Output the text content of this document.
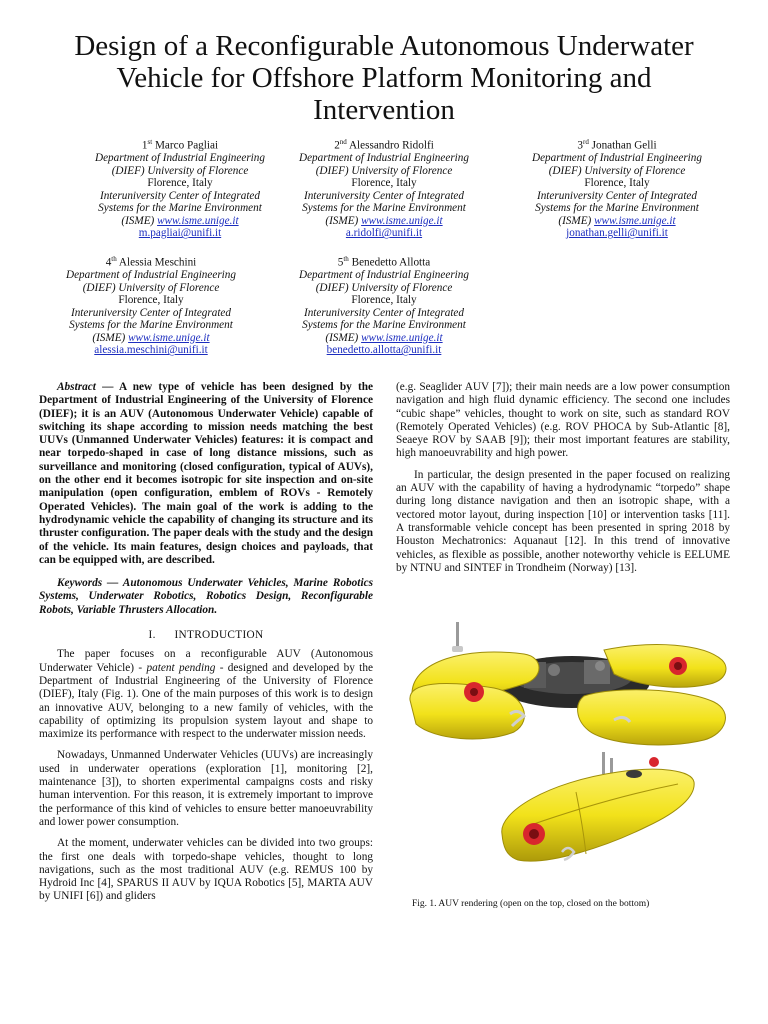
Design of a Reconfigurable Autonomous Underwater Vehicle for Offshore Platform Monitoring and Intervention
1st Marco Pagliai
Department of Industrial Engineering
(DIEF) University of Florence
Florence, Italy
Interuniversity Center of Integrated
Systems for the Marine Environment
(ISME) www.isme.unige.it
m.pagliai@unifi.it
2nd Alessandro Ridolfi
Department of Industrial Engineering
(DIEF) University of Florence
Florence, Italy
Interuniversity Center of Integrated
Systems for the Marine Environment
(ISME) www.isme.unige.it
a.ridolfi@unifi.it
3rd Jonathan Gelli
Department of Industrial Engineering
(DIEF) University of Florence
Florence, Italy
Interuniversity Center of Integrated
Systems for the Marine Environment
(ISME) www.isme.unige.it
jonathan.gelli@unifi.it
4th Alessia Meschini
Department of Industrial Engineering
(DIEF) University of Florence
Florence, Italy
Interuniversity Center of Integrated
Systems for the Marine Environment
(ISME) www.isme.unige.it
alessia.meschini@unifi.it
5th Benedetto Allotta
Department of Industrial Engineering
(DIEF) University of Florence
Florence, Italy
Interuniversity Center of Integrated
Systems for the Marine Environment
(ISME) www.isme.unige.it
benedetto.allotta@unifi.it

Abstract — A new type of vehicle has been designed by the Department of Industrial Engineering of the University of Florence (DIEF); it is an AUV (Autonomous Underwater Vehicle) capable of switching its shape according to mission needs matching the best UUVs (Unmanned Underwater Vehicles) features: it is compact and near torpedo-shaped in case of long distance missions, such as surveillance and monitoring (closed configuration, typical of AUVs), on the other end it becomes isotropic for site inspection and on-site manipulation (open configuration, emblem of ROVs - Remotely Operated Vehicles). The main goal of the work is adding to the hydrodynamic vehicle the capability of changing its structure and its thruster configuration. The paper deals with the study and the design of the vehicle. Its main features, design choices and payloads, that can be equipped with, are described.

Keywords — Autonomous Underwater Vehicles, Marine Robotics Systems, Underwater Robotics, Robotics Design, Reconfigurable Robots, Variable Thrusters Allocation.

I. INTRODUCTION

The paper focuses on a reconfigurable AUV (Autonomous Underwater Vehicle) - patent pending - designed and developed by the Department of Industrial Engineering of the University of Florence (DIEF), Italy (Fig. 1). One of the main purposes of this work is to design an innovative AUV, belonging to a new family of vehicles, with the capability of optimizing its propulsion system layout and shape to maximize its performance with respect to the underwater mission needs.

Nowadays, Unmanned Underwater Vehicles (UUVs) are increasingly used in underwater operations (exploration [1], monitoring [2], maintenance [3]), to shorten experimental campaigns costs and risky human intervention. For this reason, it is extremely important to improve the performance of this kind of vehicles to ensure better manoeuvrability and lower power consumption.

At the moment, underwater vehicles can be divided into two groups: the first one deals with torpedo-shape vehicles, thought to long navigations, such as the most traditional AUV (e.g. REMUS 100 by Hydroid Inc [4], SPARUS II AUV by IQUA Robotics [5], MARTA AUV by UNIFI [6]) and gliders

(e.g. Seaglider AUV [7]); their main needs are a low power consumption navigation and high fluid dynamic efficiency. The second one includes “cubic shape” vehicles, thought to work on site, such as standard ROV (Remotely Operated Vehicles) (e.g. ROV PHOCA by Sub-Atlantic [8], Seaeye ROV by SAAB [9]); their most important features are stability, high manoeuvrability and high power.

In particular, the design presented in the paper focused on realizing an AUV with the capability of having a hydrodynamic “torpedo” shape during long distance navigation and then an isotropic shape, with a vectored motor layout, during inspection [10] or intervention tasks [11]. A transformable vehicle concept has been presented in spring 2018 by Houston Mechatronics: Aquanaut [12]. In this trend of innovative vehicles, as flexible as possible, another noteworthy vehicle is EELUME by NTNU and SINTEF in Trondheim (Norway) [13].

Fig. 1. AUV rendering (open on the top, closed on the bottom)
